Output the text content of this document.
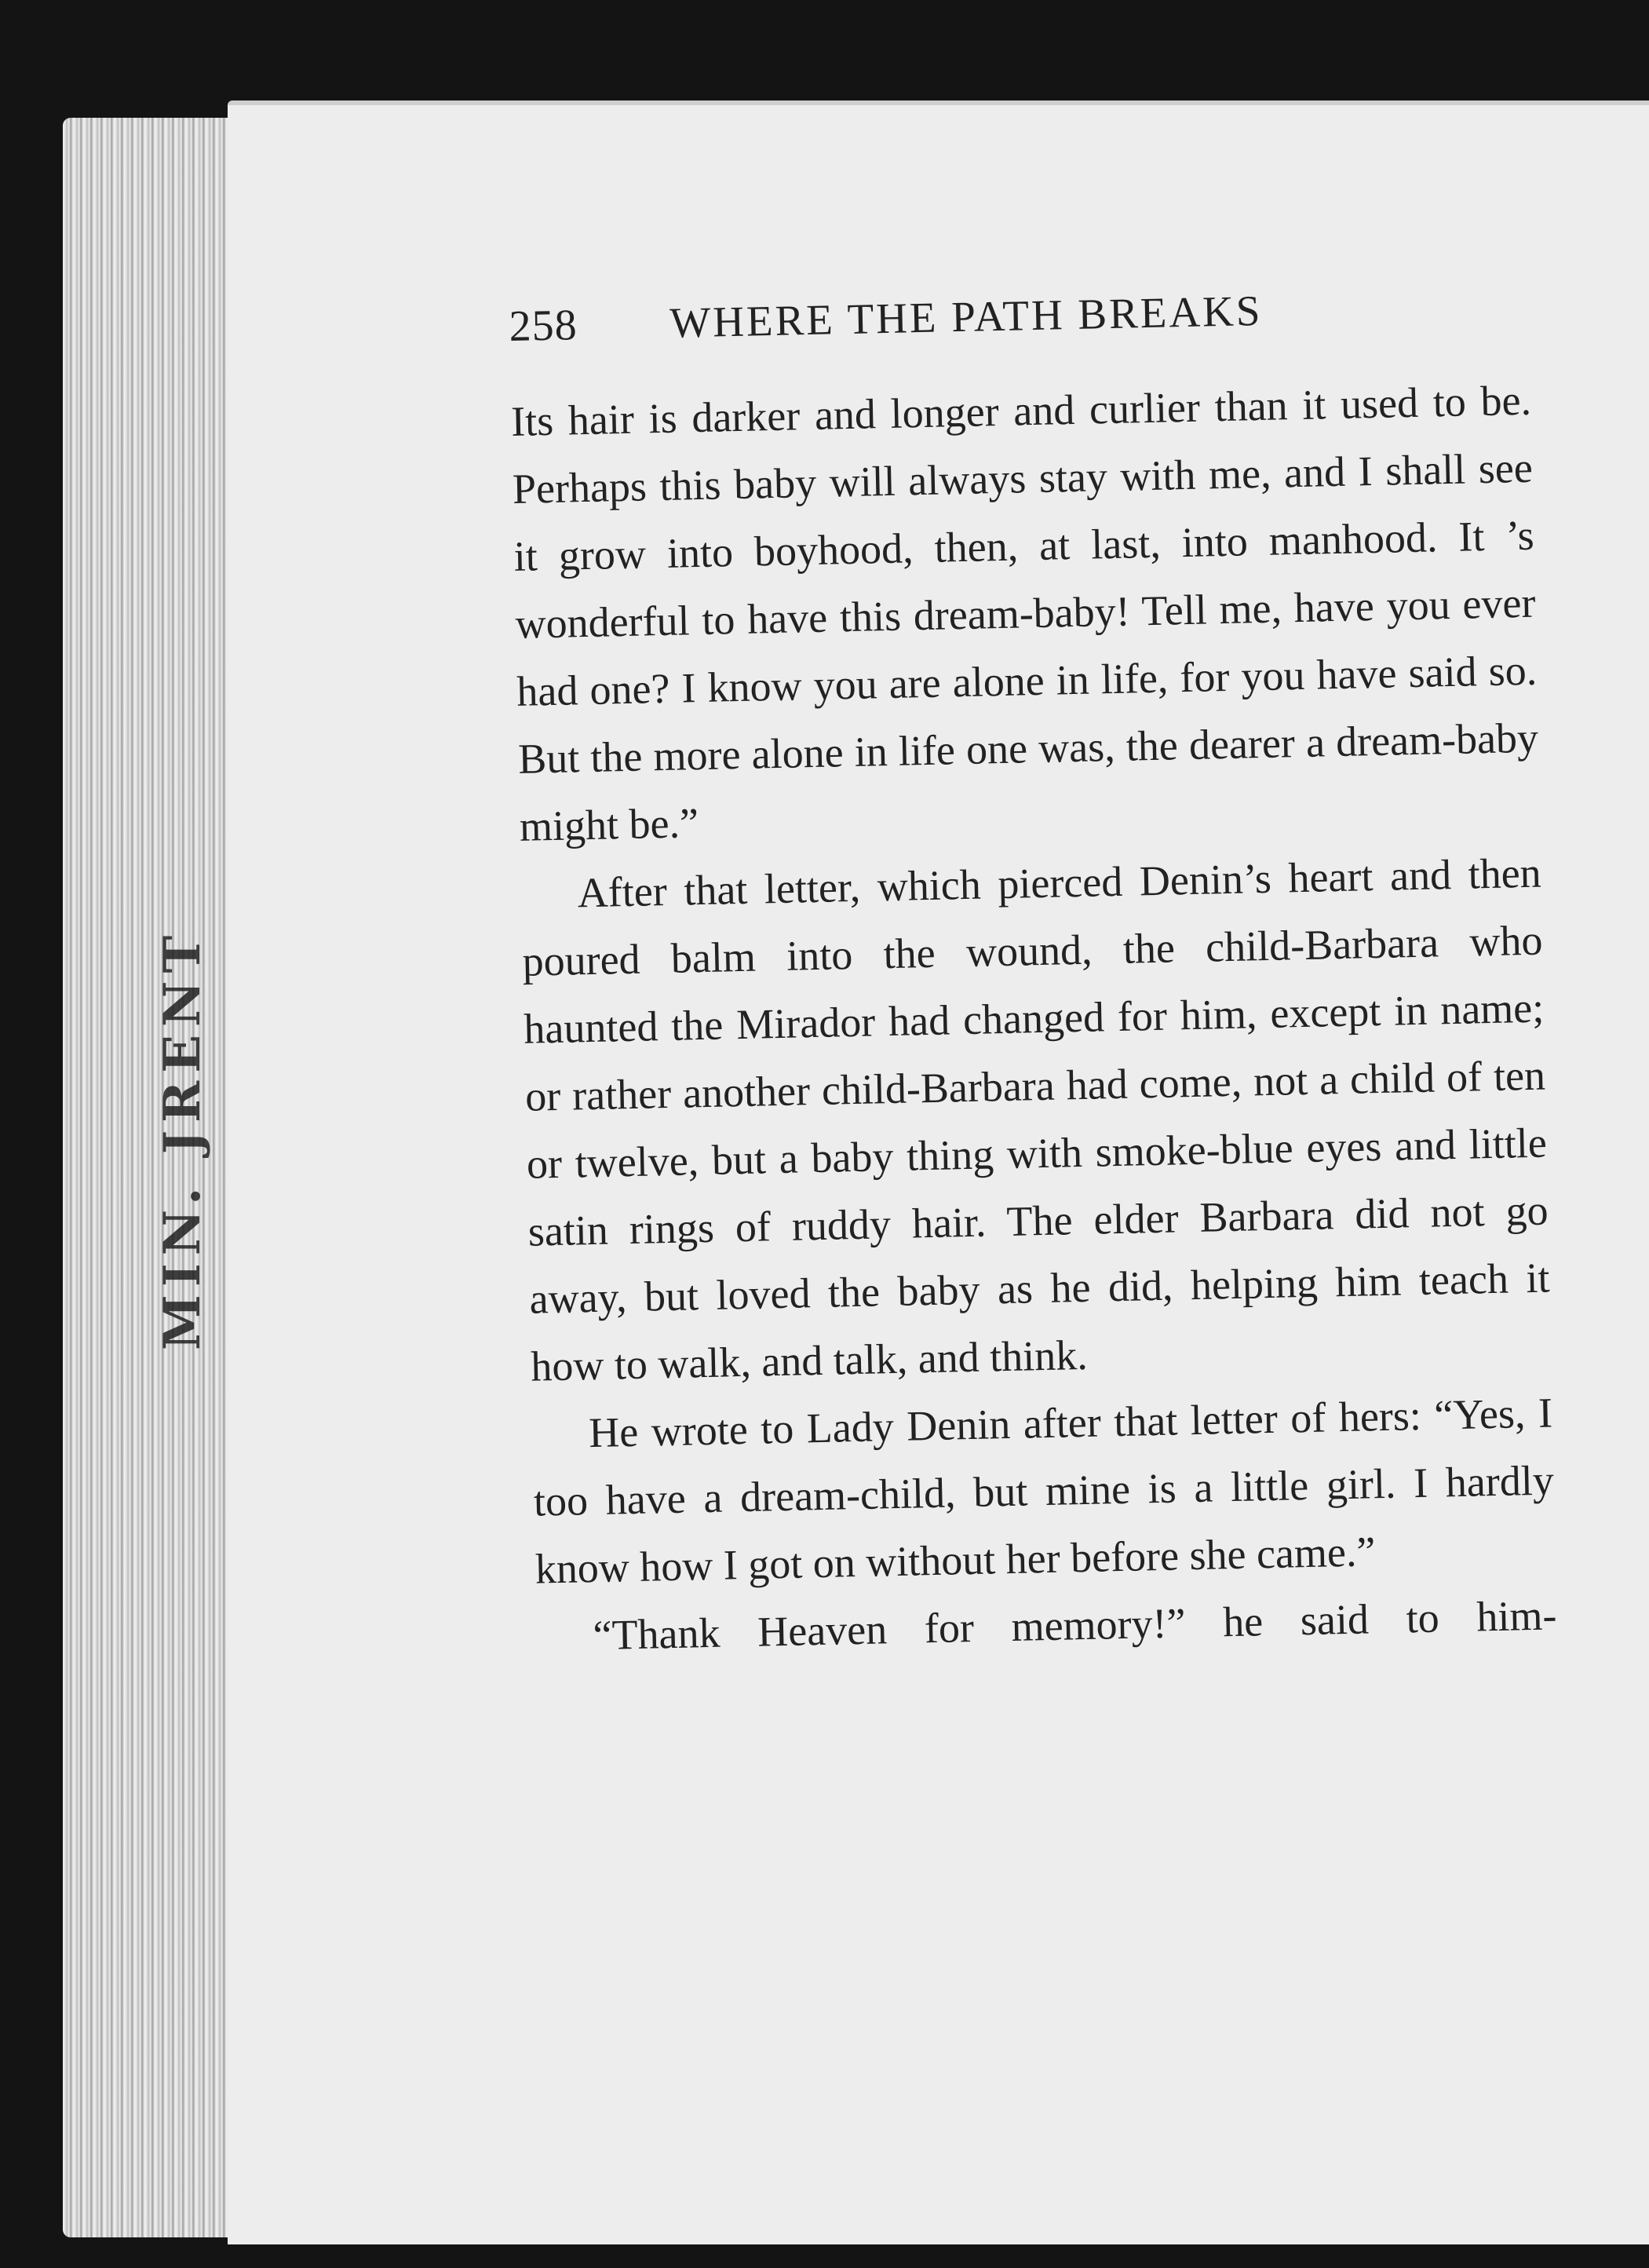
258 WHERE THE PATH BREAKS

Its hair is darker and longer and curlier than it used to be. Perhaps this baby will always stay with me, and I shall see it grow into boyhood, then, at last, into manhood. It ’s wonderful to have this dream-baby! Tell me, have you ever had one? I know you are alone in life, for you have said so. But the more alone in life one was, the dearer a dream-baby might be.”

After that letter, which pierced Denin’s heart and then poured balm into the wound, the child-Barbara who haunted the Mirador had changed for him, except in name; or rather another child-Barbara had come, not a child of ten or twelve, but a baby thing with smoke-blue eyes and little satin rings of ruddy hair. The elder Barbara did not go away, but loved the baby as he did, helping him teach it how to walk, and talk, and think.

He wrote to Lady Denin after that letter of hers: “Yes, I too have a dream-child, but mine is a little girl. I hardly know how I got on without her before she came.”

“Thank Heaven for memory!” he said to him-
